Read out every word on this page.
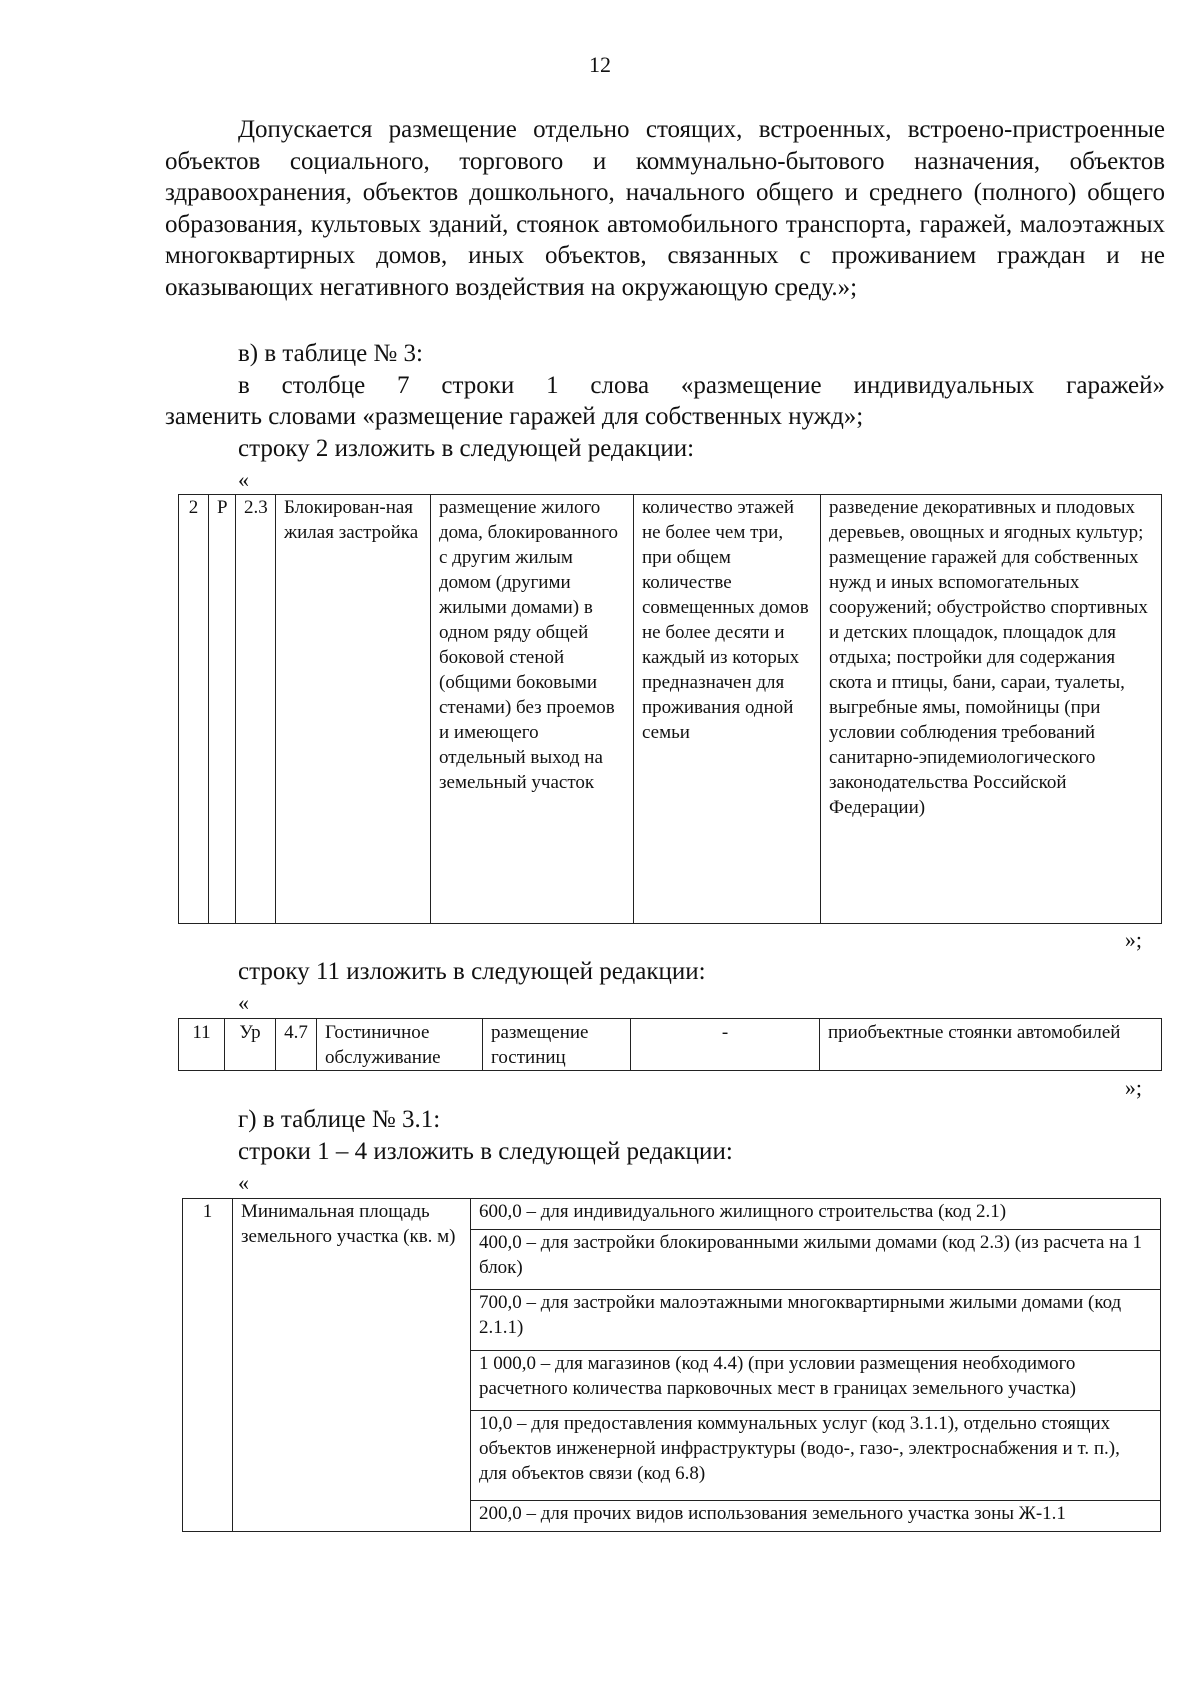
12

Допускается размещение отдельно стоящих, встроенных, встроено-пристроенные объектов социального, торгового и коммунально-бытового назначения, объектов здравоохранения, объектов дошкольного, начального общего и среднего (полного) общего образования, культовых зданий, стоянок автомобильного транспорта, гаражей, малоэтажных многоквартирных домов, иных объектов, связанных с проживанием граждан и не оказывающих негативного воздействия на окружающую среду.»;

в) в таблице № 3:

в столбце 7 строки 1 слова «размещение индивидуальных гаражей»

заменить словами «размещение гаражей для собственных нужд»;

строку 2 изложить в следующей редакции:

«
2	Р	2.3	Блокирован-ная жилая застройка	размещение жилого дома, блокированного с другим жилым домом (другими жилыми домами) в одном ряду общей боковой стеной (общими боковыми стенами) без проемов и имеющего отдельный выход на земельный участок	количество этажей не более чем три, при общем количестве совмещенных домов не более десяти и каждый из которых предназначен для проживания одной семьи	разведение декоративных и плодовых деревьев, овощных и ягодных культур; размещение гаражей для собственных нужд и иных вспомогательных сооружений; обустройство спортивных и детских площадок, площадок для отдыха; постройки для содержания скота и птицы, бани, сараи, туалеты, выгребные ямы, помойницы (при условии соблюдения требований санитарно-эпидемиологического законодательства Российской Федерации)
»;

строку 11 изложить в следующей редакции:

«
11	Ур	4.7	Гостиничное обслуживание	размещение гостиниц	-	приобъектные стоянки автомобилей
»;

г) в таблице № 3.1:

строки 1 – 4 изложить в следующей редакции:

«
1	Минимальная площадь земельного участка (кв. м)	600,0 – для индивидуального жилищного строительства (код 2.1)
400,0 – для застройки блокированными жилыми домами (код 2.3) (из расчета на 1 блок)
700,0 – для застройки малоэтажными многоквартирными жилыми домами (код 2.1.1)
1 000,0 – для магазинов (код 4.4) (при условии размещения необходимого расчетного количества парковочных мест в границах земельного участка)
10,0 – для предоставления коммунальных услуг (код 3.1.1), отдельно стоящих объектов инженерной инфраструктуры (водо-, газо-, электроснабжения и т. п.), для объектов связи (код 6.8)
200,0 – для прочих видов использования земельного участка зоны Ж-1.1
